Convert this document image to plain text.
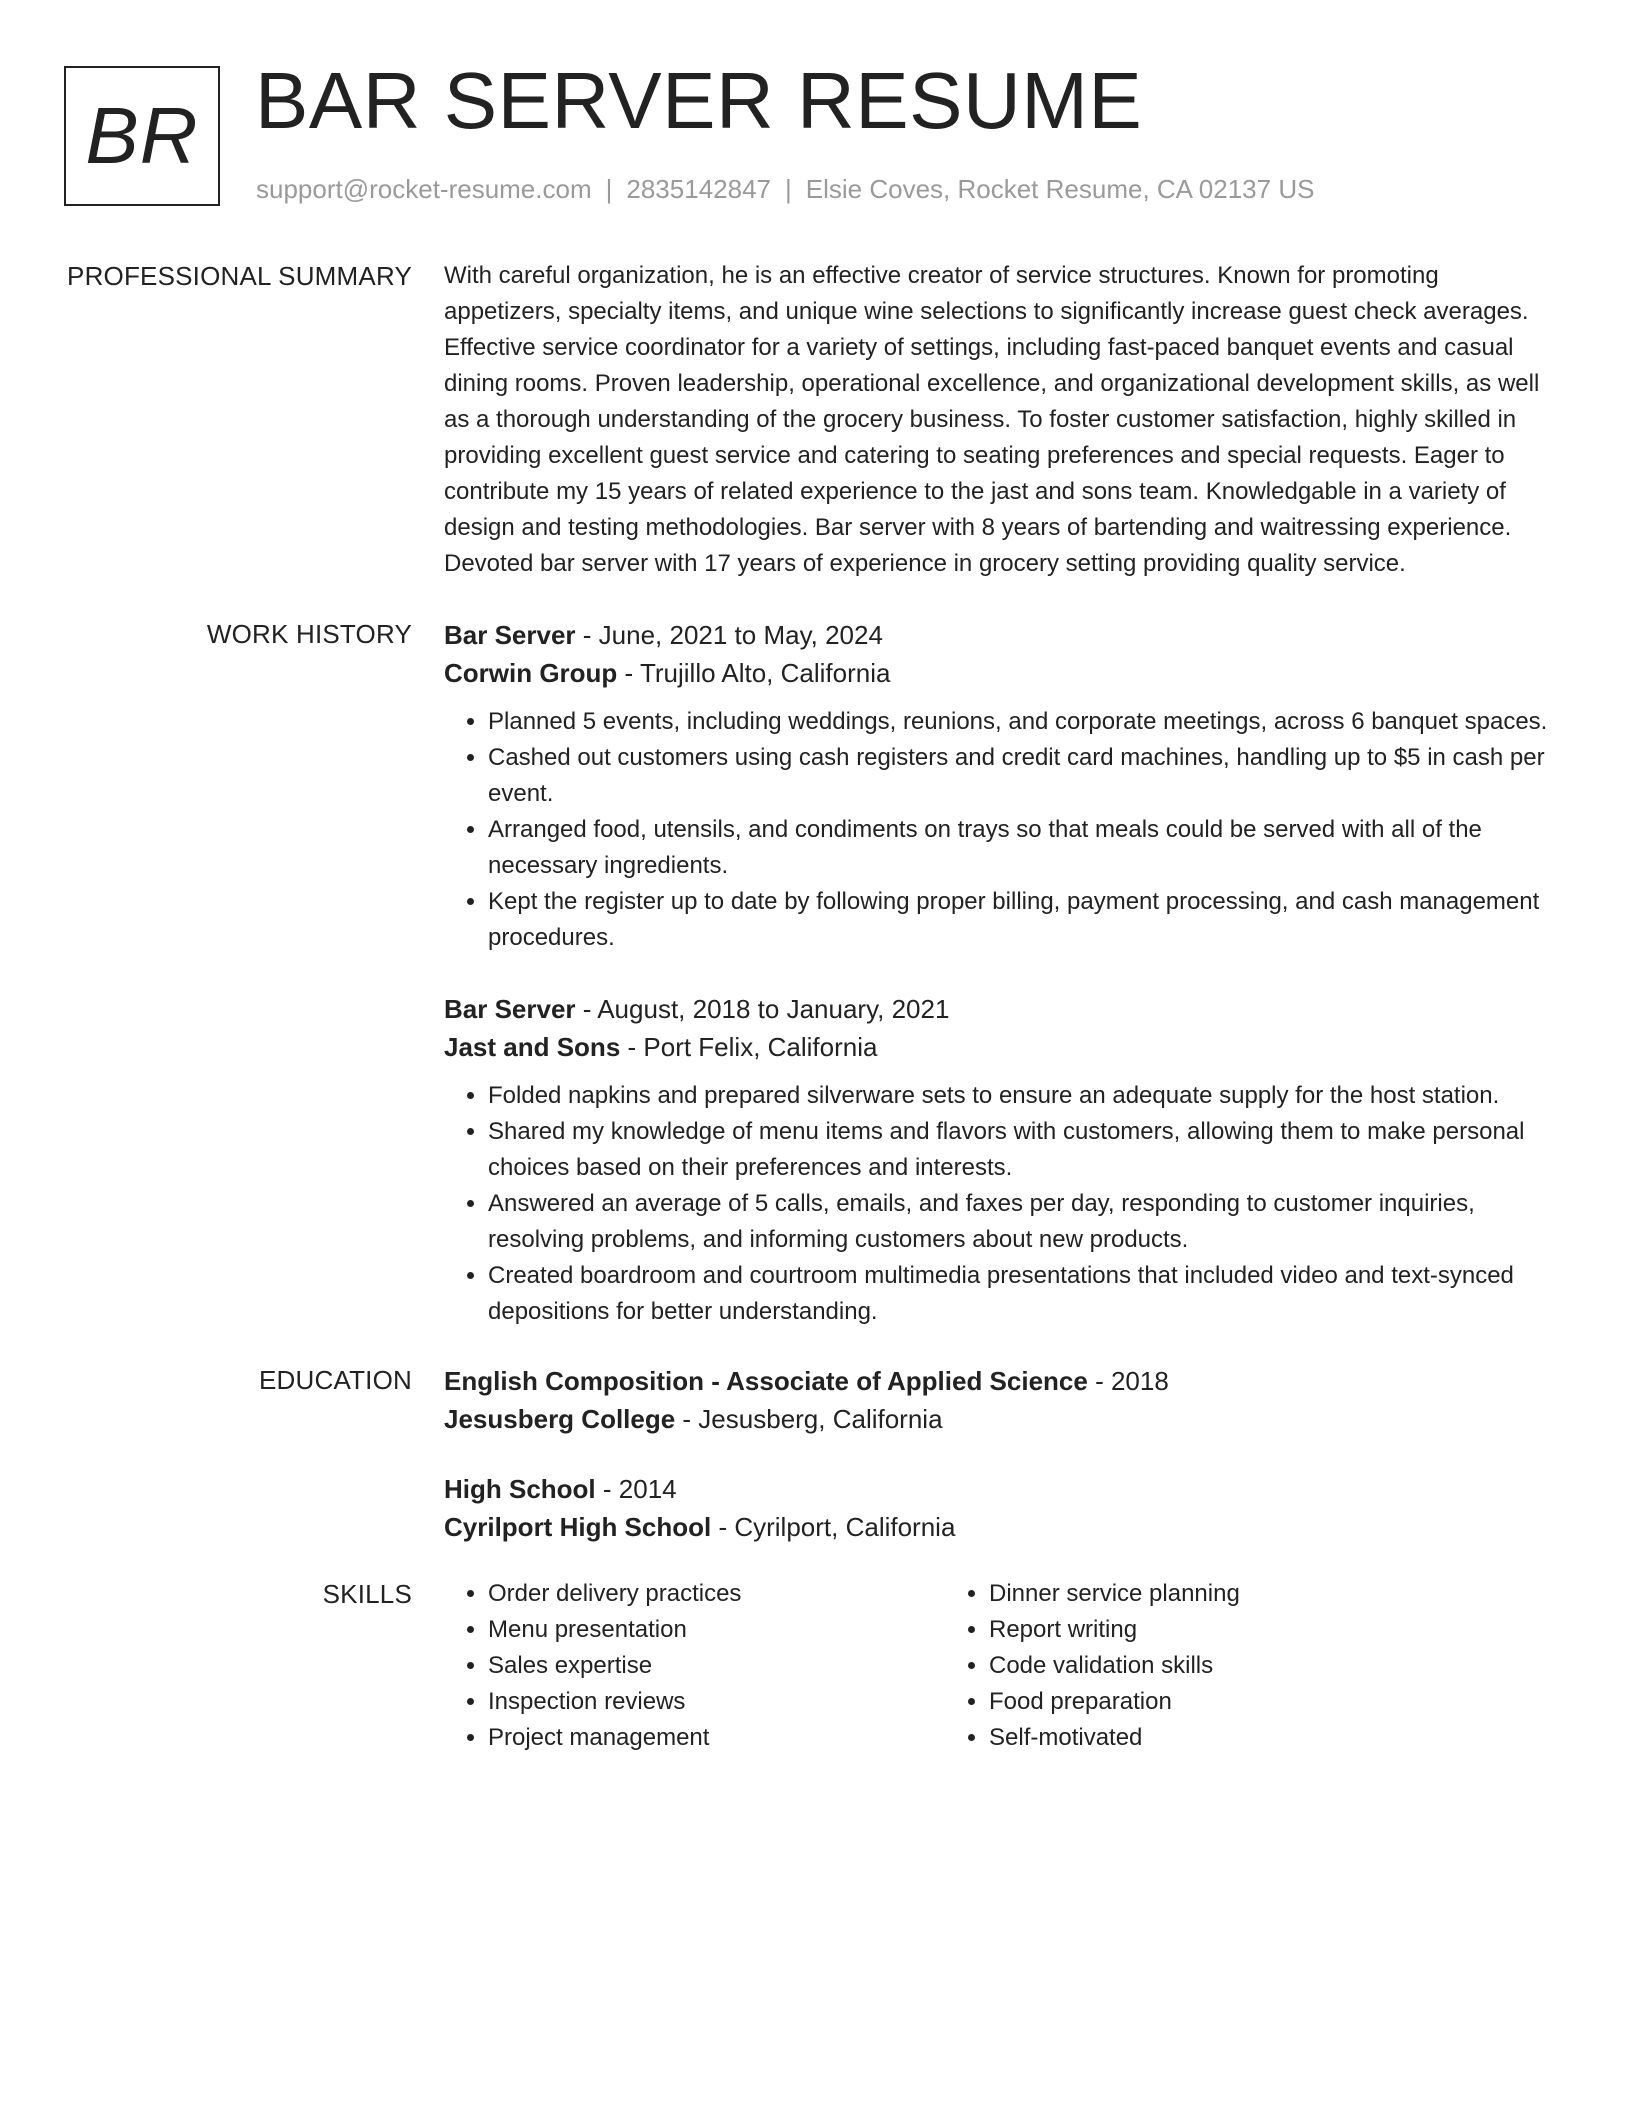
BR BAR SERVER RESUME
support@rocket-resume.com | 2835142847 | Elsie Coves, Rocket Resume, CA 02137 US
PROFESSIONAL SUMMARY With careful organization, he is an effective creator of service structures. Known for promoting appetizers, specialty items, and unique wine selections to significantly increase guest check averages. Effective service coordinator for a variety of settings, including fast-paced banquet events and casual dining rooms. Proven leadership, operational excellence, and organizational development skills, as well as a thorough understanding of the grocery business. To foster customer satisfaction, highly skilled in providing excellent guest service and catering to seating preferences and special requests. Eager to contribute my 15 years of related experience to the jast and sons team. Knowledgable in a variety of design and testing methodologies. Bar server with 8 years of bartending and waitressing experience. Devoted bar server with 17 years of experience in grocery setting providing quality service.

WORK HISTORY Bar Server - June, 2021 to May, 2024
Corwin Group - Trujillo Alto, California
• Planned 5 events, including weddings, reunions, and corporate meetings, across 6 banquet spaces.
• Cashed out customers using cash registers and credit card machines, handling up to $5 in cash per event.
• Arranged food, utensils, and condiments on trays so that meals could be served with all of the necessary ingredients.
• Kept the register up to date by following proper billing, payment processing, and cash management procedures.
Bar Server - August, 2018 to January, 2021
Jast and Sons - Port Felix, California
• Folded napkins and prepared silverware sets to ensure an adequate supply for the host station.
• Shared my knowledge of menu items and flavors with customers, allowing them to make personal choices based on their preferences and interests.
• Answered an average of 5 calls, emails, and faxes per day, responding to customer inquiries, resolving problems, and informing customers about new products.
• Created boardroom and courtroom multimedia presentations that included video and text-synced depositions for better understanding.
EDUCATION English Composition - Associate of Applied Science - 2018
Jesusberg College - Jesusberg, California
High School - 2014
Cyrilport High School - Cyrilport, California
SKILLS
•	Order delivery practices
• Menu presentation
• Sales expertise
• Inspection reviews
• Project management
• Dinner service planning
• Report writing
• Code validation skills
• Food preparation
• Self-motivated
